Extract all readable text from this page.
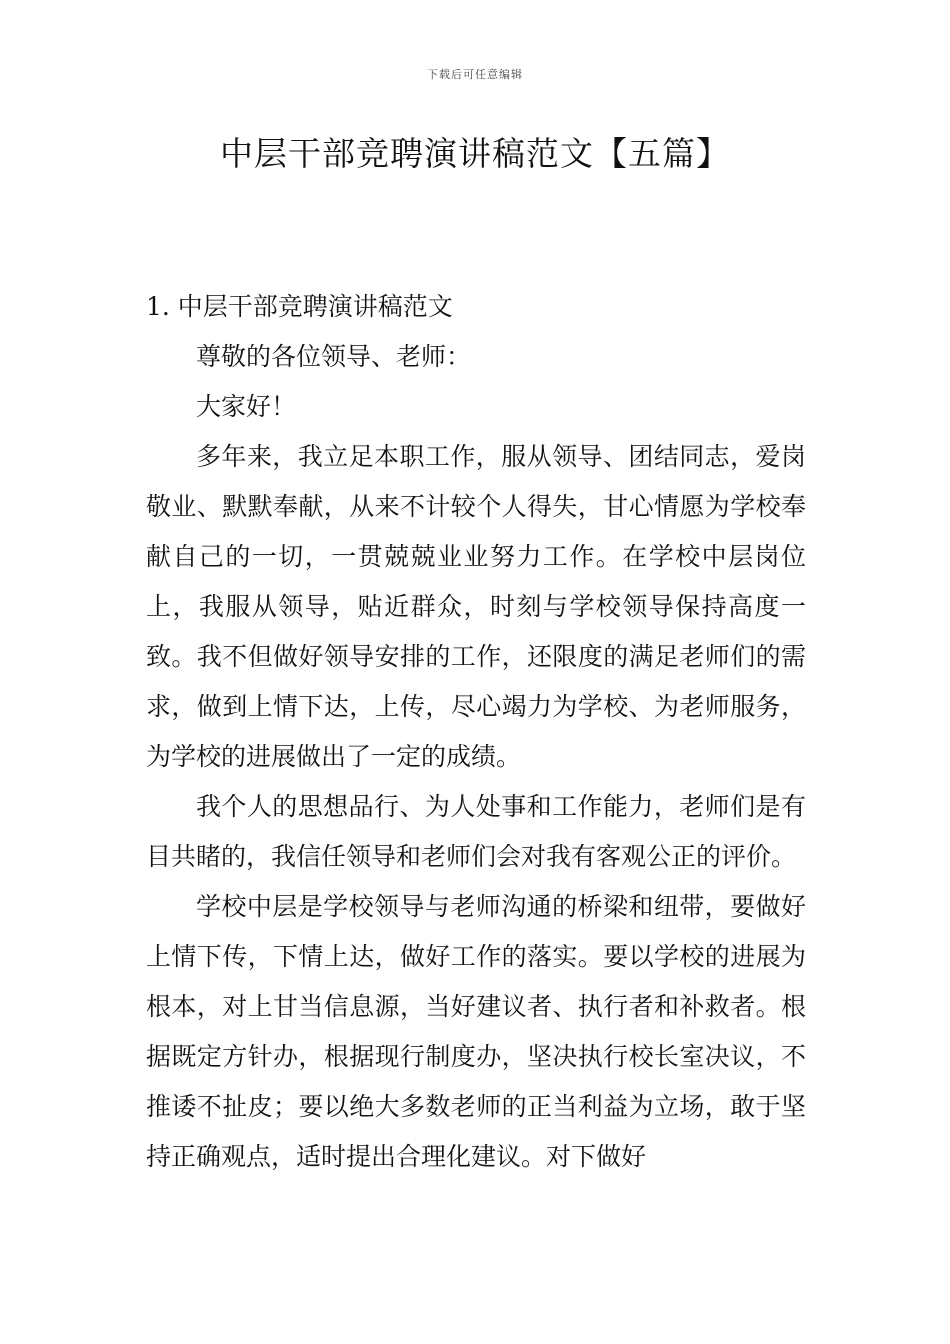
下载后可任意编辑
中层干部竞聘演讲稿范文【五篇】
1. 中层干部竞聘演讲稿范文

尊敬的各位领导、老师：

大家好！

多年来，我立足本职工作，服从领导、团结同志，爱岗敬业、默默奉献，从来不计较个人得失，甘心情愿为学校奉献自己的一切，一贯兢兢业业努力工作。在学校中层岗位上，我服从领导，贴近群众，时刻与学校领导保持高度一致。我不但做好领导安排的工作，还限度的满足老师们的需求，做到上情下达，上传，尽心竭力为学校、为老师服务，为学校的进展做出了一定的成绩。

我个人的思想品行、为人处事和工作能力，老师们是有目共睹的，我信任领导和老师们会对我有客观公正的评价。

学校中层是学校领导与老师沟通的桥梁和纽带，要做好上情下传，下情上达，做好工作的落实。要以学校的进展为根本，对上甘当信息源，当好建议者、执行者和补救者。根据既定方针办，根据现行制度办，坚决执行校长室决议，不推诿不扯皮；要以绝大多数老师的正当利益为立场，敢于坚持正确观点，适时提出合理化建议。对下做好
